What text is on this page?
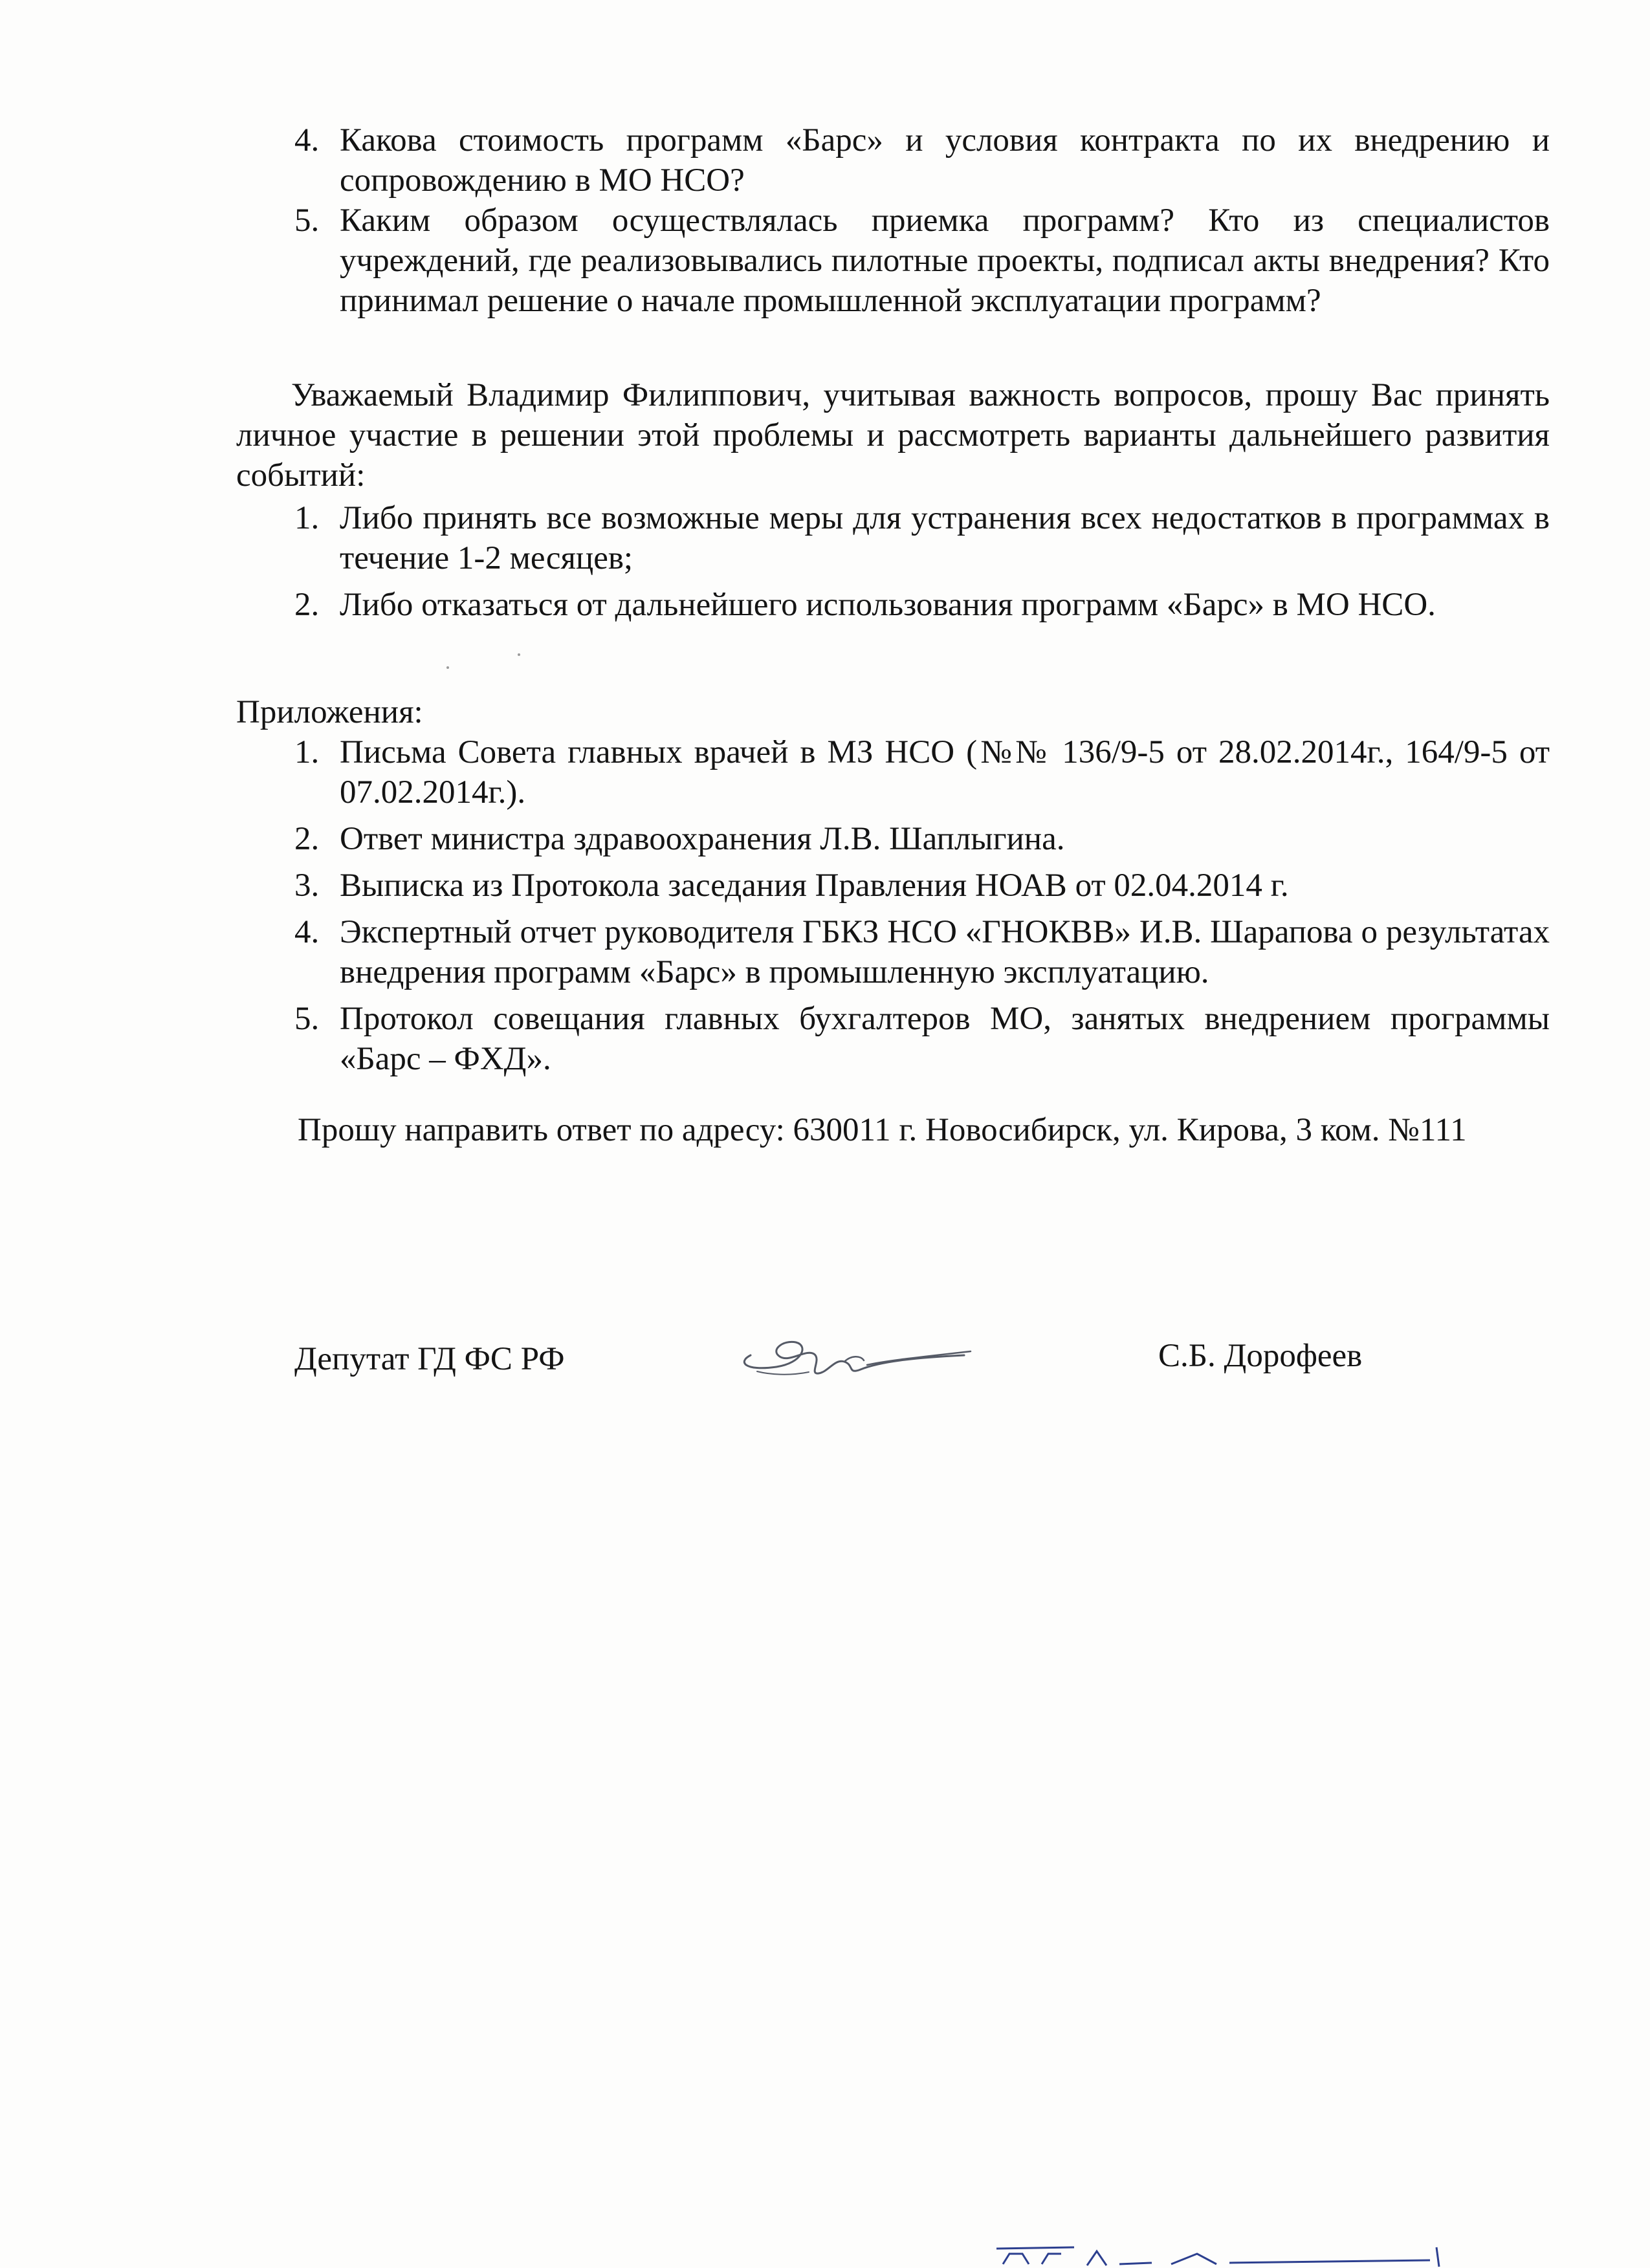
4. Какова стоимость программ «Барс» и условия контракта по их внедрению и сопровождению в МО НСО?
5. Каким образом осуществлялась приемка программ? Кто из специалистов учреждений, где реализовывались пилотные проекты, подписал акты внедрения? Кто принимал решение о начале промышленной эксплуатации программ?

Уважаемый Владимир Филиппович, учитывая важность вопросов, прошу Вас принять личное участие в решении этой проблемы и рассмотреть варианты дальнейшего развития событий:

1. Либо принять все возможные меры для устранения всех недостатков в программах в течение 1-2 месяцев;
2. Либо отказаться от дальнейшего использования программ «Барс» в МО НСО.

Приложения:

1. Письма Совета главных врачей в МЗ НСО (№№ 136/9-5 от 28.02.2014г., 164/9-5 от 07.02.2014г.).
2. Ответ министра здравоохранения Л.В. Шаплыгина.
3. Выписка из Протокола заседания Правления НОАВ от 02.04.2014 г.
4. Экспертный отчет руководителя ГБКЗ НСО «ГНОКВВ» И.В. Шарапова о результатах внедрения программ «Барс» в промышленную эксплуатацию.
5. Протокол совещания главных бухгалтеров МО, занятых внедрением программы «Барс – ФХД».

Прошу направить ответ по адресу: 630011 г. Новосибирск, ул. Кирова, 3 ком. №111

Депутат ГД ФС РФ	С.Б. Дорофеев
